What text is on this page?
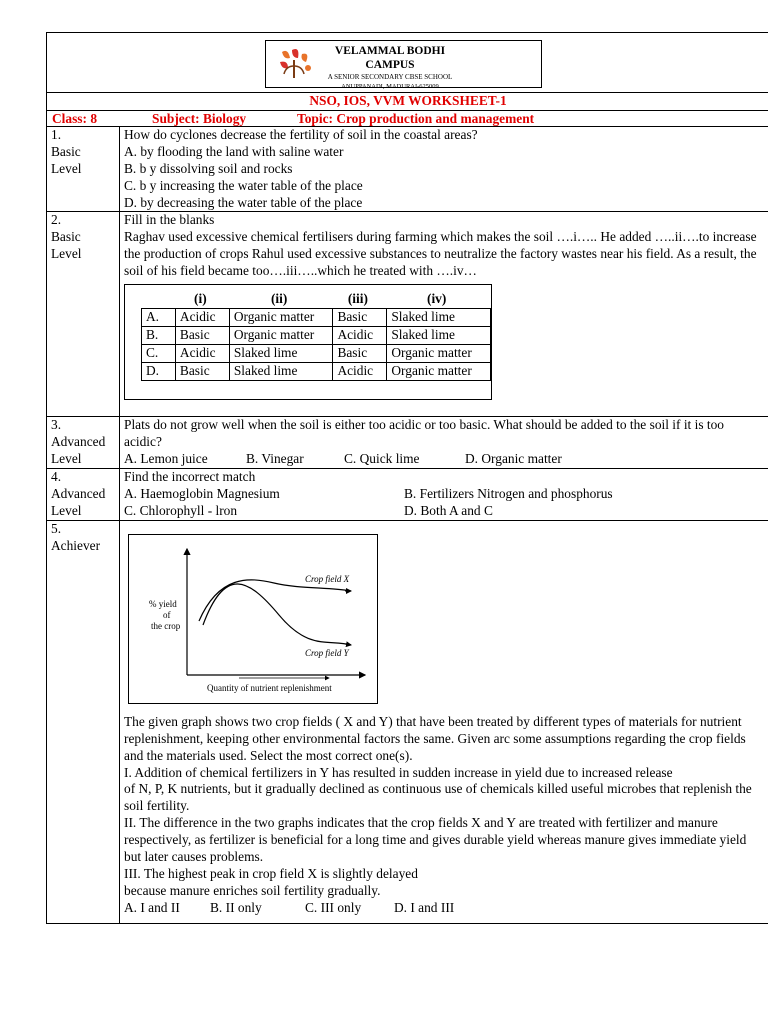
VELAMMAL BODHI CAMPUS
A SENIOR SECONDARY CBSE SCHOOL
ANUPPANADI, MADURAI-625009

NSO, IOS, VVM WORKSHEET-1

Class: 8	Subject: Biology	Topic: Crop production and management

1.
Basic
Level	
How do cyclones decrease the fertility of soil in the coastal areas?
A. by flooding the land with saline water
B. b y dissolving soil and rocks
C. b y increasing the water table of the place
D. by decreasing the water table of the place

2.
Basic
Level	
Fill in the blanks
Raghav used excessive chemical fertilisers during farming which makes the soil ….i….. He added …..ii….to increase the production of crops Rahul used excessive substances to neutralize the factory wastes near his field. As a result, the soil of his field became too….iii…..which he treated with ….iv…
	(i)	(ii)	(iii)	(iv)
A.	Acidic	Organic matter	Basic	Slaked lime
B.	Basic	Organic matter	Acidic	Slaked lime
C.	Acidic	Slaked lime	Basic	Organic matter
D.	Basic	Slaked lime	Acidic	Organic matter

3.
Advanced
Level	
Plats do not grow well when the soil is either too acidic or too basic. What should be added to the soil if it is too acidic?
A. Lemon juice	B. Vinegar	C. Quick lime	D. Organic matter

4.
Advanced
Level	
Find the incorrect match
A. Haemoglobin Magnesium	B. Fertilizers Nitrogen and phosphorus
C. Chlorophyll - lron	D. Both A and C

5.
Achiever	
% yield of the crop
Crop field X
Crop field Y
Quantity of nutrient replenishment
The given graph shows two crop fields ( X and Y) that have been treated by different types of materials for nutrient replenishment, keeping other environmental factors the same. Given arc some assumptions regarding the crop fields and the materials used. Select the most correct one(s).
I. Addition of chemical fertilizers in Y has resulted in sudden increase in yield due to increased release
of N, P, K nutrients, but it gradually declined as continuous use of chemicals killed useful microbes that replenish the soil fertility.
II. The difference in the two graphs indicates that the crop fields X and Y are treated with fertilizer and manure respectively, as fertilizer is beneficial for a long time and gives durable yield whereas manure gives immediate yield but later causes problems.
III. The highest peak in crop field X is slightly delayed
because manure enriches soil fertility gradually.
A. I and II B. II only	C. III only D. I and III
